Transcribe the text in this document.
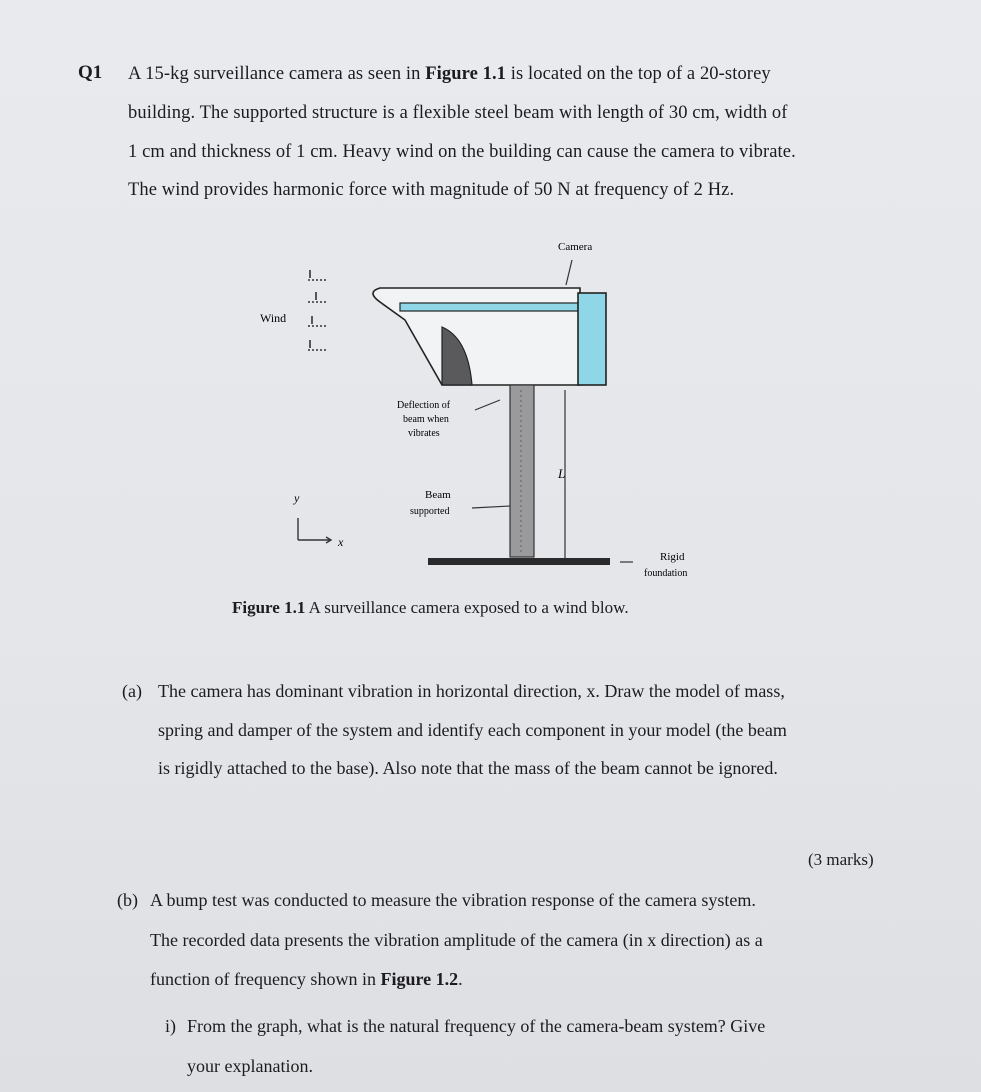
Q1 A 15-kg surveillance camera as seen in Figure 1.1 is located on the top of a 20-storey
building. The supported structure is a flexible steel beam with length of 30 cm, width of
1 cm and thickness of 1 cm. Heavy wind on the building can cause the camera to vibrate.
The wind provides harmonic force with magnitude of 50 N at frequency of 2 Hz.
Wind
Camera
Deflection of
beam when
vibrates
Beam
supported
L
y
x
Rigid
foundation
Figure 1.1 A surveillance camera exposed to a wind blow.
(a) The camera has dominant vibration in horizontal direction, x. Draw the model of mass,
spring and damper of the system and identify each component in your model (the beam
is rigidly attached to the base). Also note that the mass of the beam cannot be ignored.
(3 marks)
(b) A bump test was conducted to measure the vibration response of the camera system.
The recorded data presents the vibration amplitude of the camera (in x direction) as a
function of frequency shown in Figure 1.2.
i) From the graph, what is the natural frequency of the camera-beam system? Give
your explanation.
